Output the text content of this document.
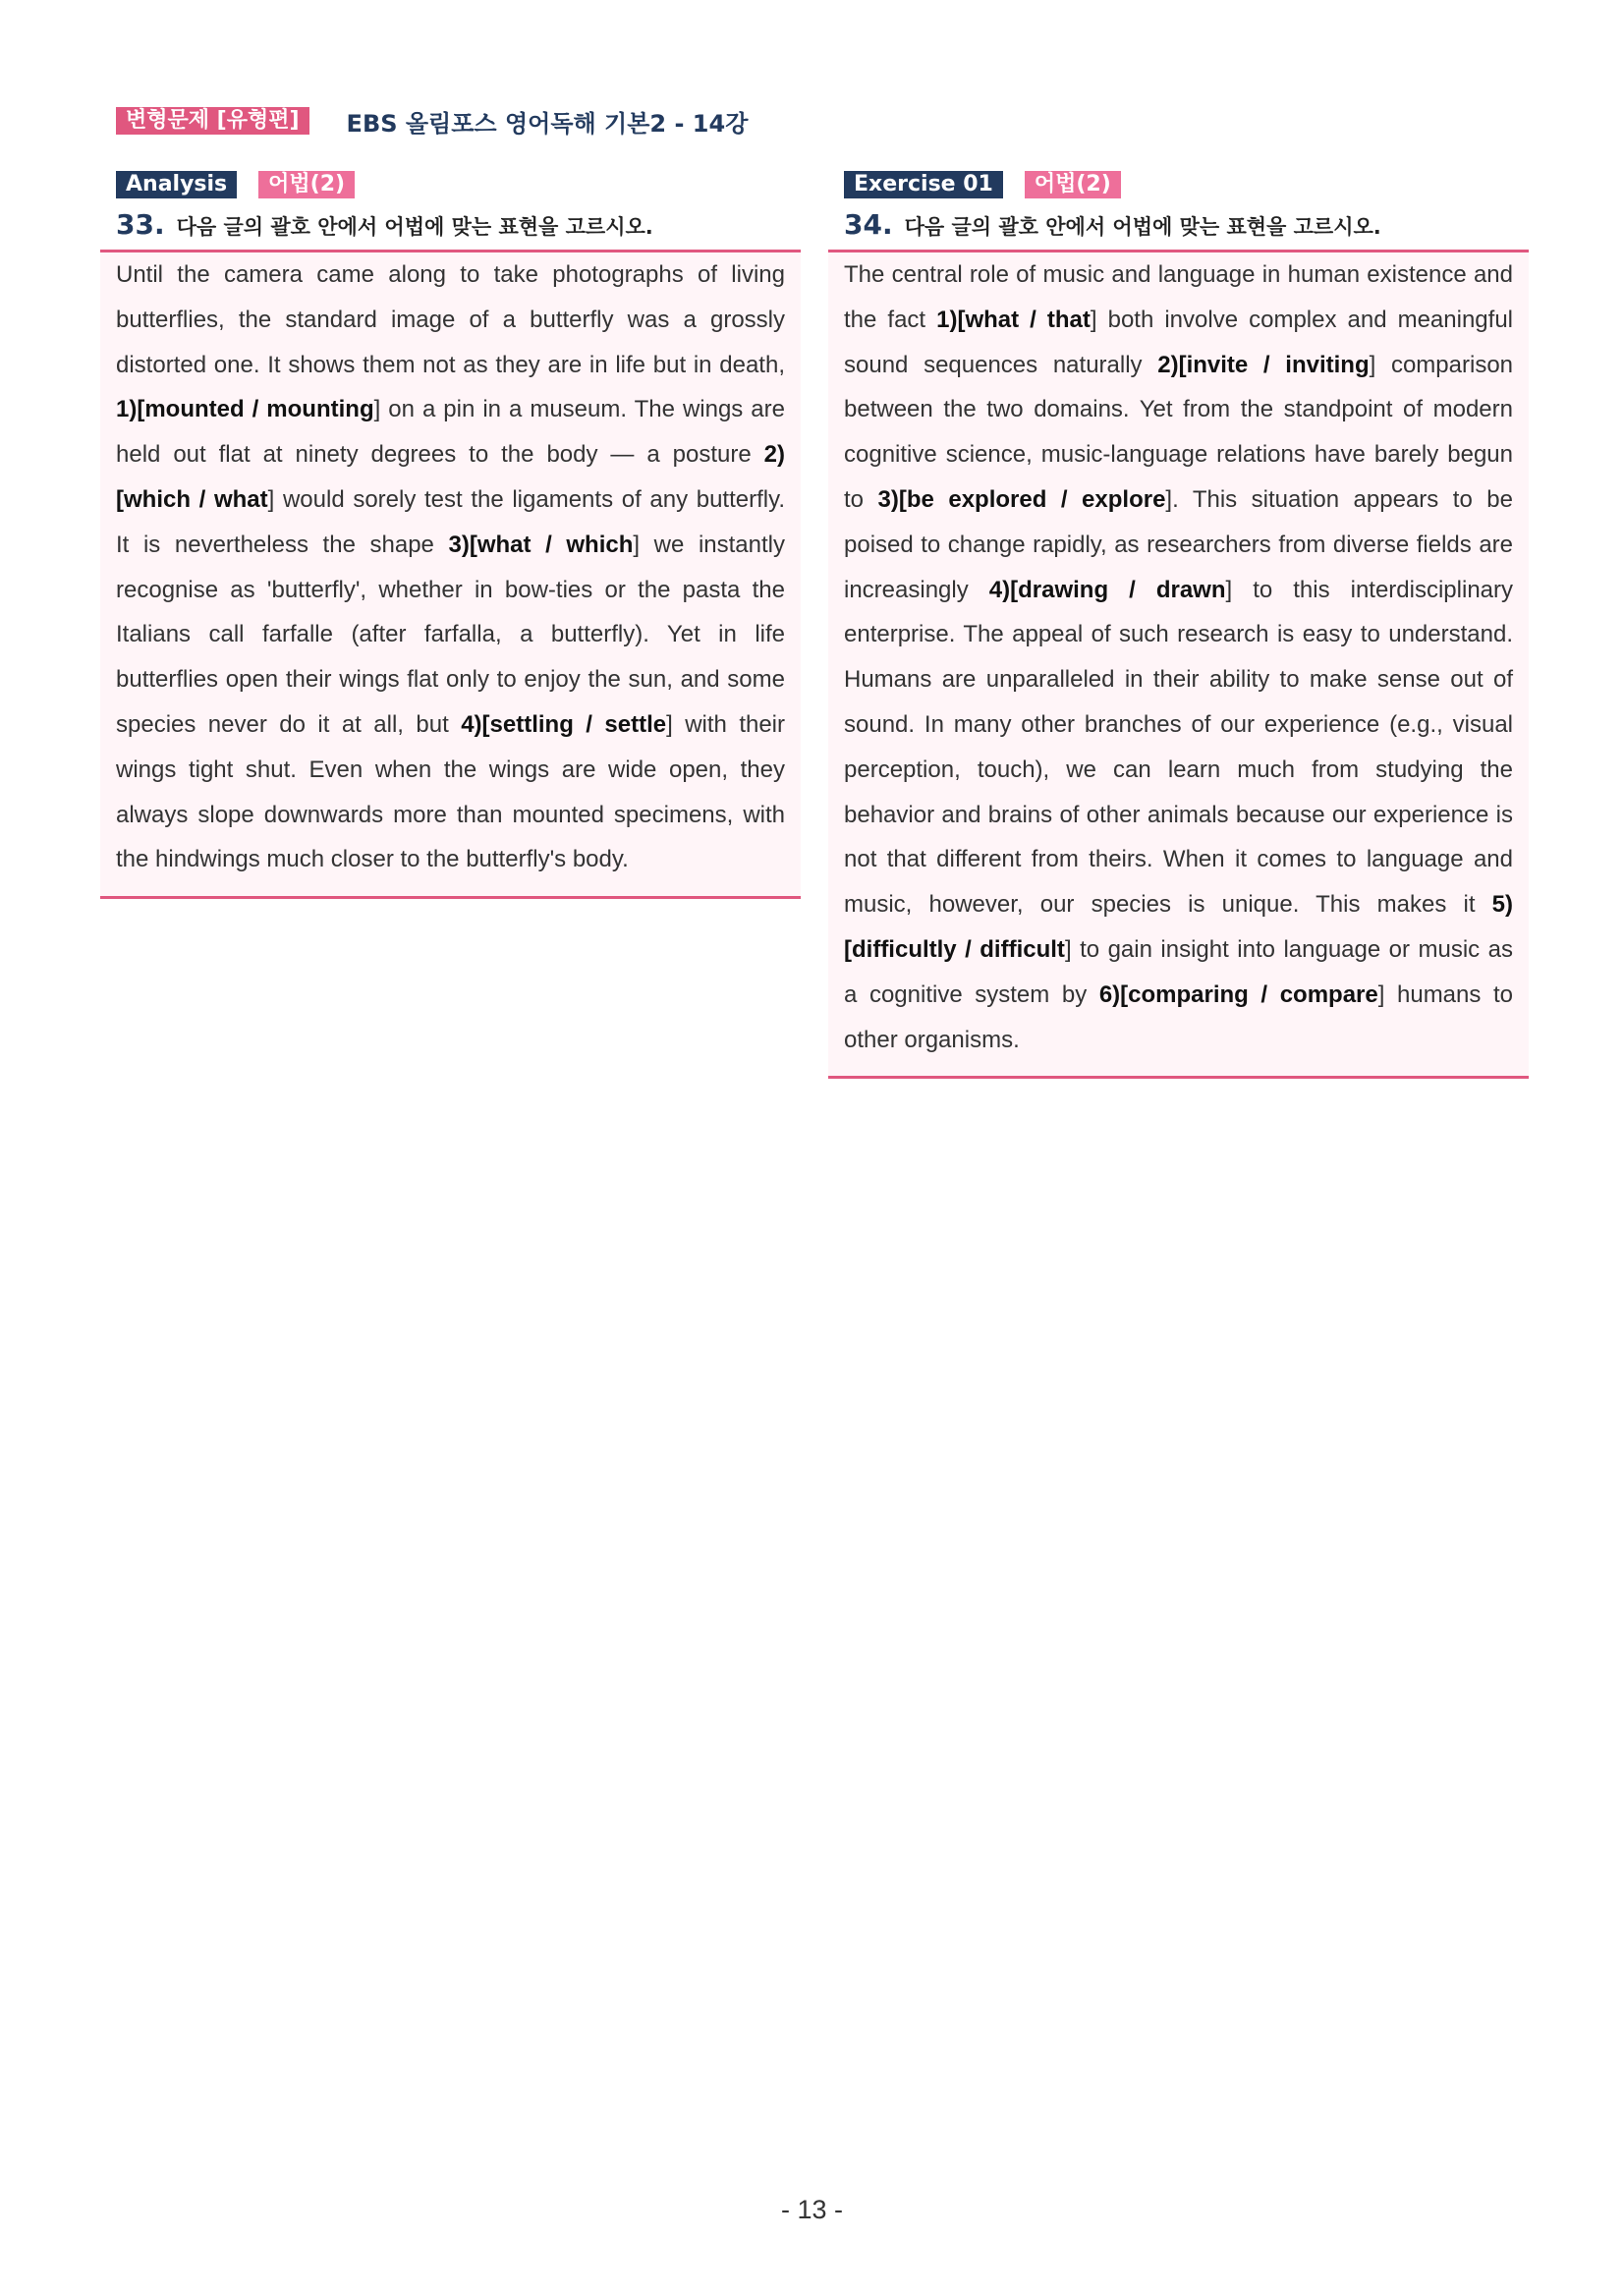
변형문제 [유형편]	EBS 올림포스 영어독해 기본2 - 14강
Analysis	어법(2)
33. 다음 글의 괄호 안에서 어법에 맞는 표현을 고르시오.

Until the camera came along to take photographs of living butterflies, the standard image of a butterfly was a grossly distorted one. It shows them not as they are in life but in death, 1)[mounted / mounting] on a pin in a museum. The wings are held out flat at ninety degrees to the body — a posture 2)[which / what] would sorely test the ligaments of any butterfly. It is nevertheless the shape 3)[what / which] we instantly recognise as 'butterfly', whether in bow-ties or the pasta the Italians call farfalle (after farfalla, a butterfly). Yet in life butterflies open their wings flat only to enjoy the sun, and some species never do it at all, but 4)[settling / settle] with their wings tight shut. Even when the wings are wide open, they always slope downwards more than mounted specimens, with the hindwings much closer to the butterfly's body.

Exercise 01	어법(2)
34. 다음 글의 괄호 안에서 어법에 맞는 표현을 고르시오.

The central role of music and language in human existence and the fact 1)[what / that] both involve complex and meaningful sound sequences naturally 2)[invite / inviting] comparison between the two domains. Yet from the standpoint of modern cognitive science, music-language relations have barely begun to 3)[be explored / explore]. This situation appears to be poised to change rapidly, as researchers from diverse fields are increasingly 4)[drawing / drawn] to this interdisciplinary enterprise. The appeal of such research is easy to understand. Humans are unparalleled in their ability to make sense out of sound. In many other branches of our experience (e.g., visual perception, touch), we can learn much from studying the behavior and brains of other animals because our experience is not that different from theirs. When it comes to language and music, however, our species is unique. This makes it 5)[difficultly / difficult] to gain insight into language or music as a cognitive system by 6)[comparing / compare] humans to other organisms.

- 13 -
